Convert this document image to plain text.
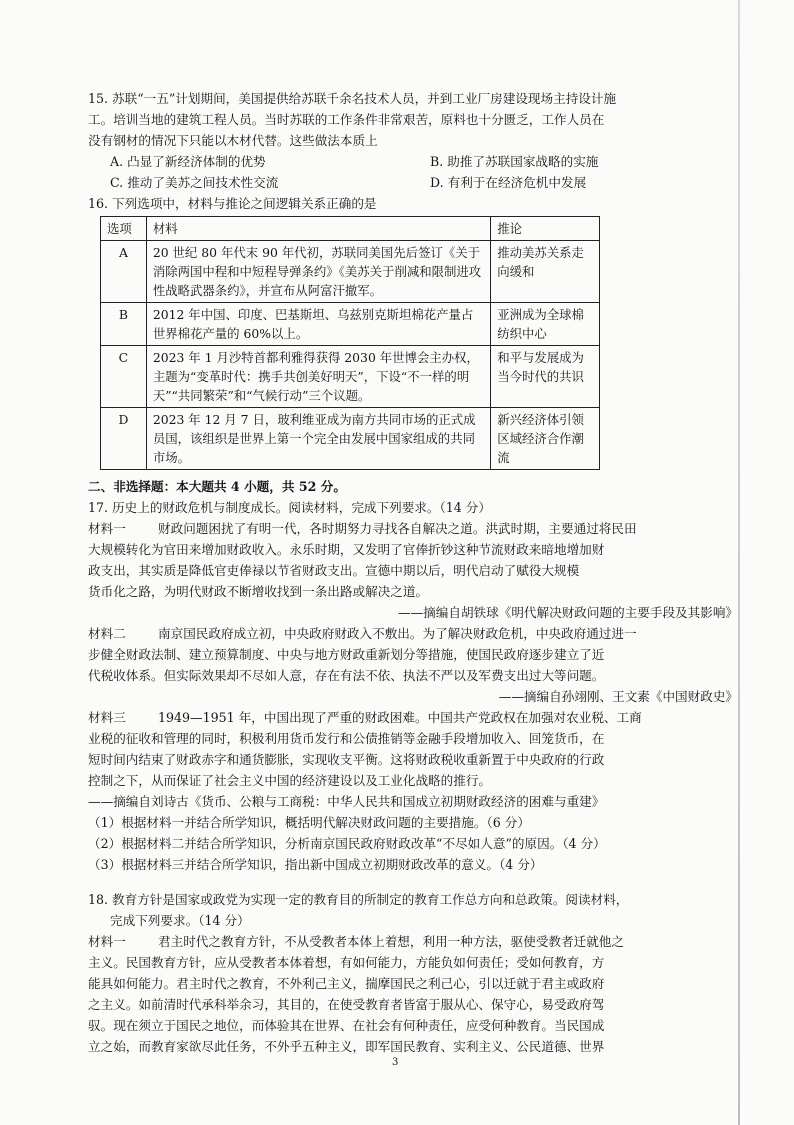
15. 苏联“一五”计划期间，美国提供给苏联千余名技术人员，并到工业厂房建设现场主持设计施
工。培训当地的建筑工程人员。当时苏联的工作条件非常艰苦，原料也十分匮乏，工作人员在
没有钢材的情况下只能以木材代替。这些做法本质上
A. 凸显了新经济体制的优势	B. 助推了苏联国家战略的实施
C. 推动了美苏之间技术性交流	D. 有利于在经济危机中发展
16. 下列选项中，材料与推论之间逻辑关系正确的是
选项	材料	推论
A	20 世纪 80 年代末 90 年代初，苏联同美国先后签订《关于消除两国中程和中短程导弹条约》《美苏关于削减和限制进攻性战略武器条约》，并宣布从阿富汗撤军。	推动美苏关系走向缓和
B	2012 年中国、印度、巴基斯坦、乌兹别克斯坦棉花产量占世界棉花产量的 60%以上。	亚洲成为全球棉纺织中心
C	2023 年 1 月沙特首都利雅得获得 2030 年世博会主办权，主题为“变革时代：携手共创美好明天”，下设“不一样的明天”“共同繁荣”和“气候行动”三个议题。	和平与发展成为当今时代的共识
D	2023 年 12 月 7 日，玻利维亚成为南方共同市场的正式成员国，该组织是世界上第一个完全由发展中国家组成的共同市场。	新兴经济体引领区域经济合作潮流
二、非选择题：本大题共 4 小题，共 52 分。
17. 历史上的财政危机与制度成长。阅读材料，完成下列要求。（14 分）
材料一	财政问题困扰了有明一代，各时期努力寻找各自解决之道。洪武时期，主要通过将民田
大规模转化为官田来增加财政收入。永乐时期，又发明了官俸折钞这种节流财政来暗地增加财
政支出，其实质是降低官吏俸禄以节省财政支出。宣德中期以后，明代启动了赋役大规模
货币化之路，为明代财政不断增收找到一条出路或解决之道。
——摘编自胡铁球《明代解决财政问题的主要手段及其影响》
材料二	南京国民政府成立初，中央政府财政入不敷出。为了解决财政危机，中央政府通过进一
步健全财政法制、建立预算制度、中央与地方财政重新划分等措施，使国民政府逐步建立了近
代税收体系。但实际效果却不尽如人意，存在有法不依、执法不严以及军费支出过大等问题。
——摘编自孙翊刚、王文素《中国财政史》
材料三	1949—1951 年，中国出现了严重的财政困难。中国共产党政权在加强对农业税、工商
业税的征收和管理的同时，积极利用货币发行和公债推销等金融手段增加收入、回笼货币，在
短时间内结束了财政赤字和通货膨胀，实现收支平衡。这将财政税收重新置于中央政府的行政
控制之下，从而保证了社会主义中国的经济建设以及工业化战略的推行。
——摘编自刘诗古《货币、公粮与工商税：中华人民共和国成立初期财政经济的困难与重建》
（1）根据材料一并结合所学知识，概括明代解决财政问题的主要措施。（6 分）
（2）根据材料二并结合所学知识，分析南京国民政府财政改革“不尽如人意”的原因。（4 分）
（3）根据材料三并结合所学知识，指出新中国成立初期财政改革的意义。（4 分）
18. 教育方针是国家或政党为实现一定的教育目的所制定的教育工作总方向和总政策。阅读材料，
完成下列要求。（14 分）
材料一	君主时代之教育方针，不从受教者本体上着想，利用一种方法，驱使受教者迁就他之
主义。民国教育方针，应从受教者本体着想，有如何能力，方能负如何责任；受如何教育，方
能具如何能力。君主时代之教育，不外利己主义，揣摩国民之利己心，引以迁就于君主或政府
之主义。如前清时代承科举余习，其目的，在使受教育者皆富于服从心、保守心，易受政府驾
驭。现在须立于国民之地位，而体验其在世界、在社会有何种责任，应受何种教育。当民国成
立之始，而教育家欲尽此任务，不外乎五种主义，即军国民教育、实利主义、公民道德、世界
3
